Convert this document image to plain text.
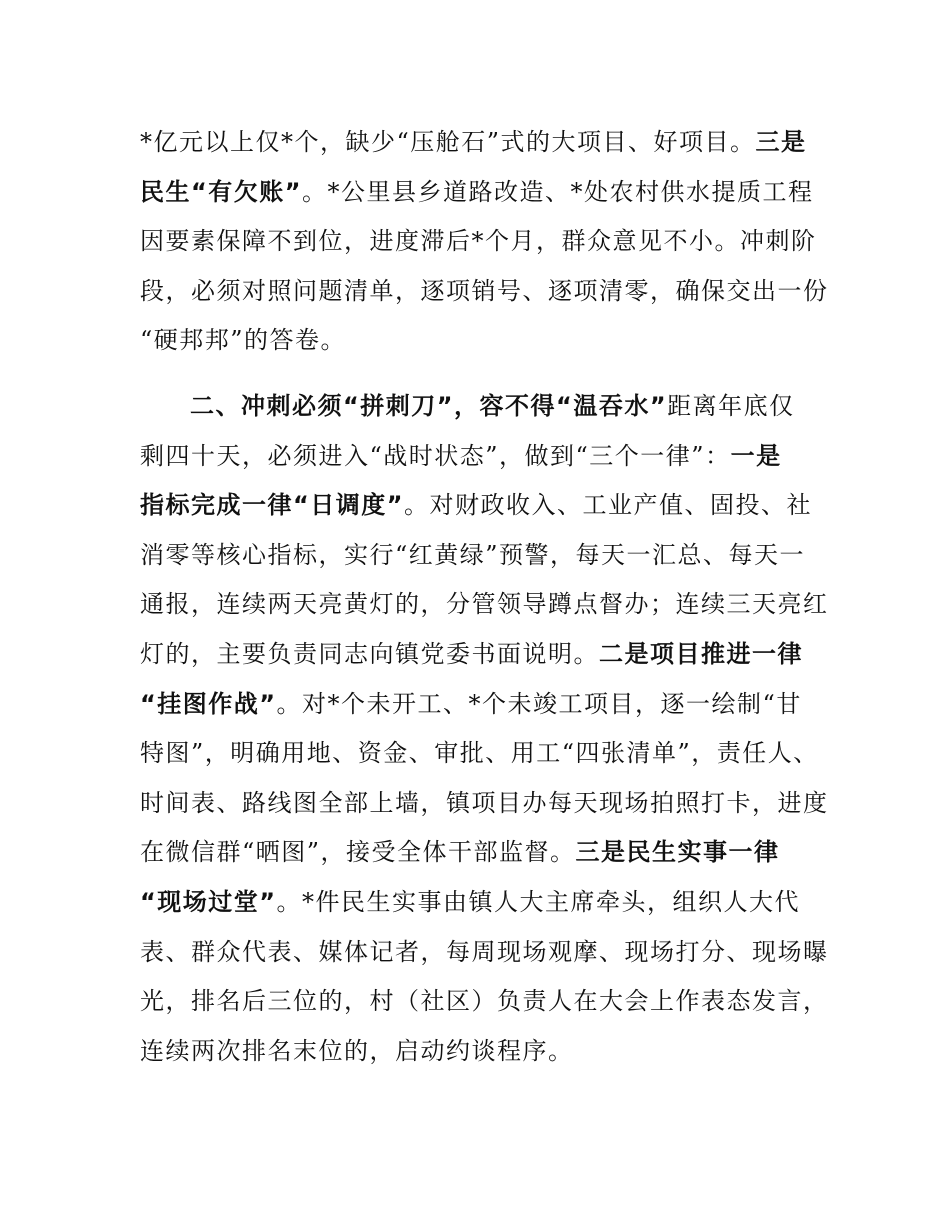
*亿元以上仅*个，缺少“压舱石”式的大项目、好项目。三是
民生“有欠账”。*公里县乡道路改造、*处农村供水提质工程
因要素保障不到位，进度滞后*个月，群众意见不小。冲刺阶
段，必须对照问题清单，逐项销号、逐项清零，确保交出一份
“硬邦邦”的答卷。
二、冲刺必须“拼刺刀”，容不得“温吞水”距离年底仅
剩四十天，必须进入“战时状态”，做到“三个一律”：一是
指标完成一律“日调度”。对财政收入、工业产值、固投、社
消零等核心指标，实行“红黄绿”预警，每天一汇总、每天一
通报，连续两天亮黄灯的，分管领导蹲点督办；连续三天亮红
灯的，主要负责同志向镇党委书面说明。二是项目推进一律
“挂图作战”。对*个未开工、*个未竣工项目，逐一绘制“甘
特图”，明确用地、资金、审批、用工“四张清单”，责任人、
时间表、路线图全部上墙，镇项目办每天现场拍照打卡，进度
在微信群“晒图”，接受全体干部监督。三是民生实事一律
“现场过堂”。*件民生实事由镇人大主席牵头，组织人大代
表、群众代表、媒体记者，每周现场观摩、现场打分、现场曝
光，排名后三位的，村（社区）负责人在大会上作表态发言，
连续两次排名末位的，启动约谈程序。
